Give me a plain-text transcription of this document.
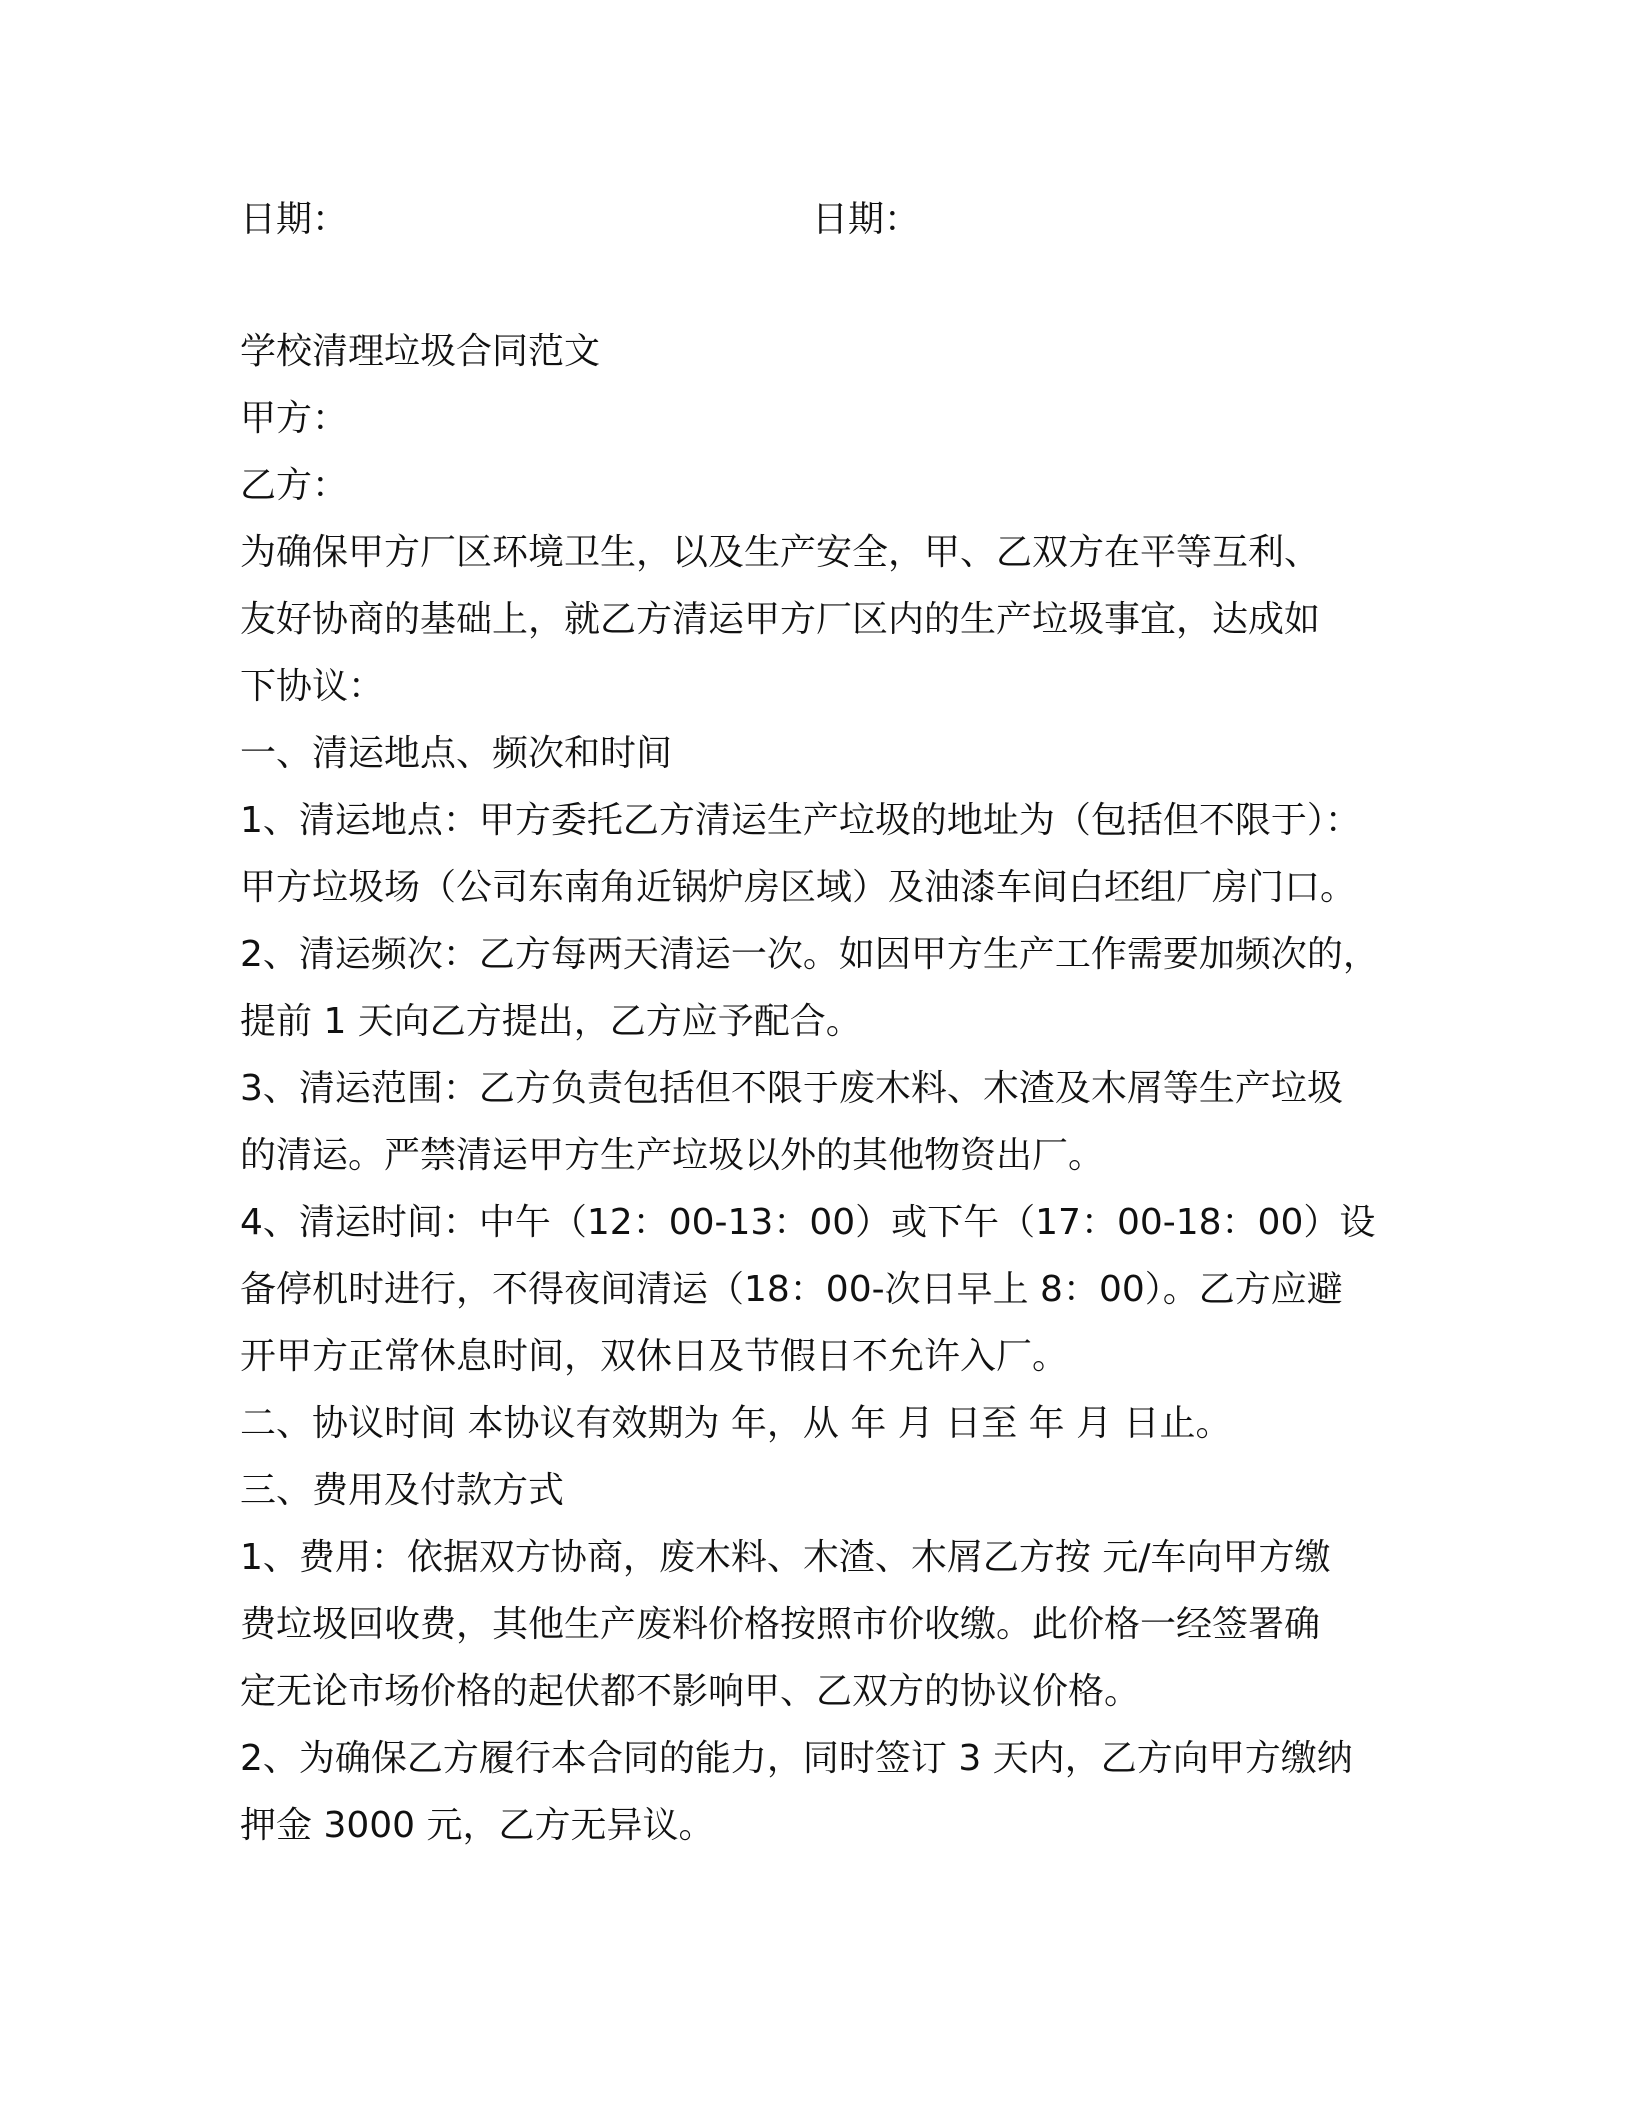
日期：	日期：

学校清理垃圾合同范文

甲方：

乙方：

为确保甲方厂区环境卫生，以及生产安全，甲、乙双方在平等互利、

友好协商的基础上，就乙方清运甲方厂区内的生产垃圾事宜，达成如

下协议：

一、清运地点、频次和时间

1、清运地点：甲方委托乙方清运生产垃圾的地址为（包括但不限于）：

甲方垃圾场（公司东南角近锅炉房区域）及油漆车间白坯组厂房门口。

2、清运频次：乙方每两天清运一次。如因甲方生产工作需要加频次的，

提前 1 天向乙方提出，乙方应予配合。

3、清运范围：乙方负责包括但不限于废木料、木渣及木屑等生产垃圾

的清运。严禁清运甲方生产垃圾以外的其他物资出厂。

4、清运时间：中午（12：00-13：00）或下午（17：00-18：00）设

备停机时进行，不得夜间清运（18：00-次日早上 8：00）。乙方应避

开甲方正常休息时间，双休日及节假日不允许入厂。

二、协议时间 本协议有效期为 年，从 年 月 日至 年 月 日止。

三、费用及付款方式

1、费用：依据双方协商，废木料、木渣、木屑乙方按 元/车向甲方缴

费垃圾回收费，其他生产废料价格按照市价收缴。此价格一经签署确

定无论市场价格的起伏都不影响甲、乙双方的协议价格。

2、为确保乙方履行本合同的能力，同时签订 3 天内，乙方向甲方缴纳

押金 3000 元，乙方无异议。
